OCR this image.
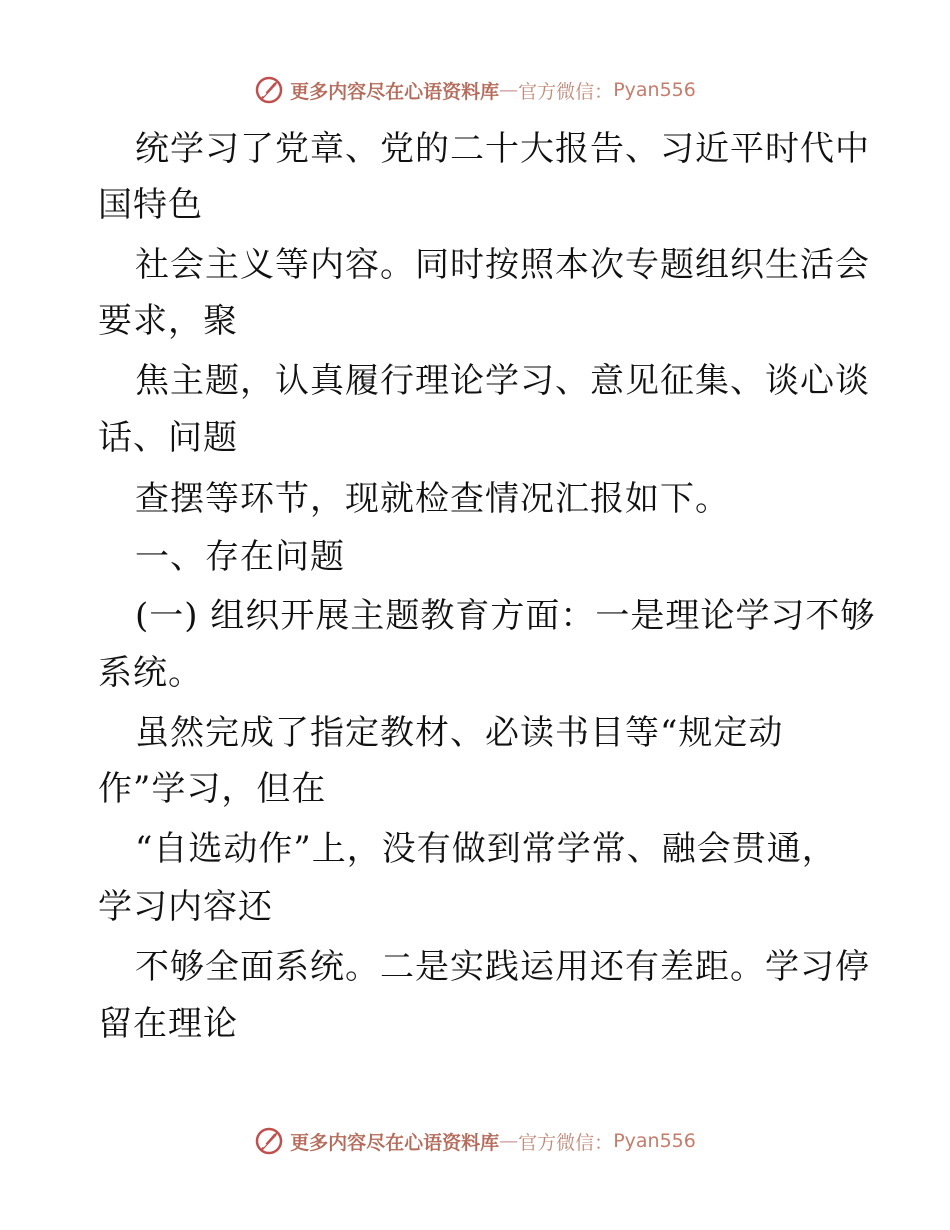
更多内容尽在心语资料库 — 官方微信： Pyan556
统学习了党章、党的二十大报告、习近平时代中
国特色
社会主义等内容。同时按照本次专题组织生活会
要求，聚
焦主题，认真履行理论学习、意见征集、谈心谈
话、问题
查摆等环节，现就检查情况汇报如下。
一、存在问题
(一) 组织开展主题教育方面：一是理论学习不够
系统。
虽然完成了指定教材、必读书目等“规定动
作”学习，但在
“自选动作”上，没有做到常学常、融会贯通，
学习内容还
不够全面系统。二是实践运用还有差距。学习停
留在理论
更多内容尽在心语资料库 — 官方微信： Pyan556
